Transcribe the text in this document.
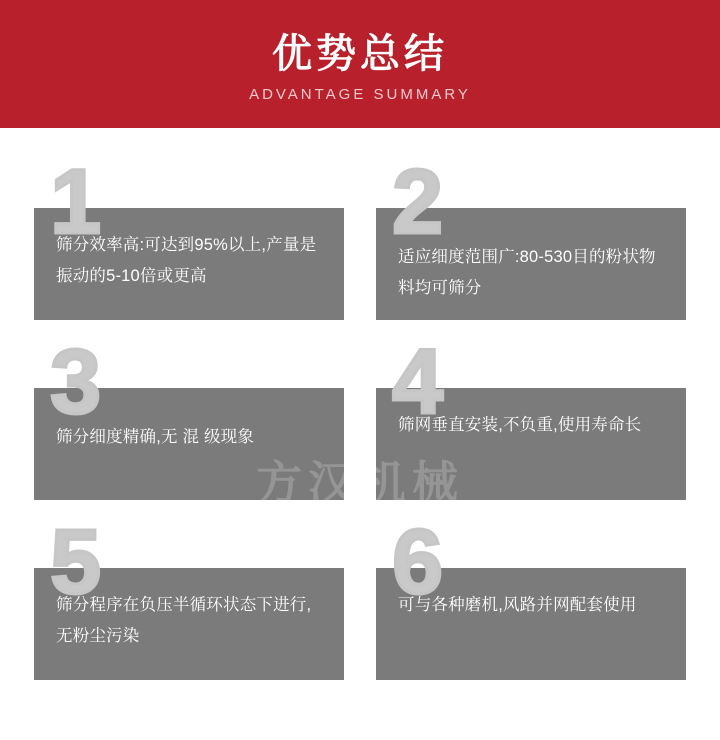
优势总结
ADVANTAGE SUMMARY
1
筛分效率高:可达到95%以上,产量是振动的5-10倍或更高
2
适应细度范围广:80-530目的粉状物料均可筛分
3
筛分细度精确,无 混 级现象
4
筛网垂直安装,不负重,使用寿命长
5
筛分程序在负压半循环状态下进行,无粉尘污染
6
可与各种磨机,风路并网配套使用
方汉机械
FANGHAN MACHINERY
